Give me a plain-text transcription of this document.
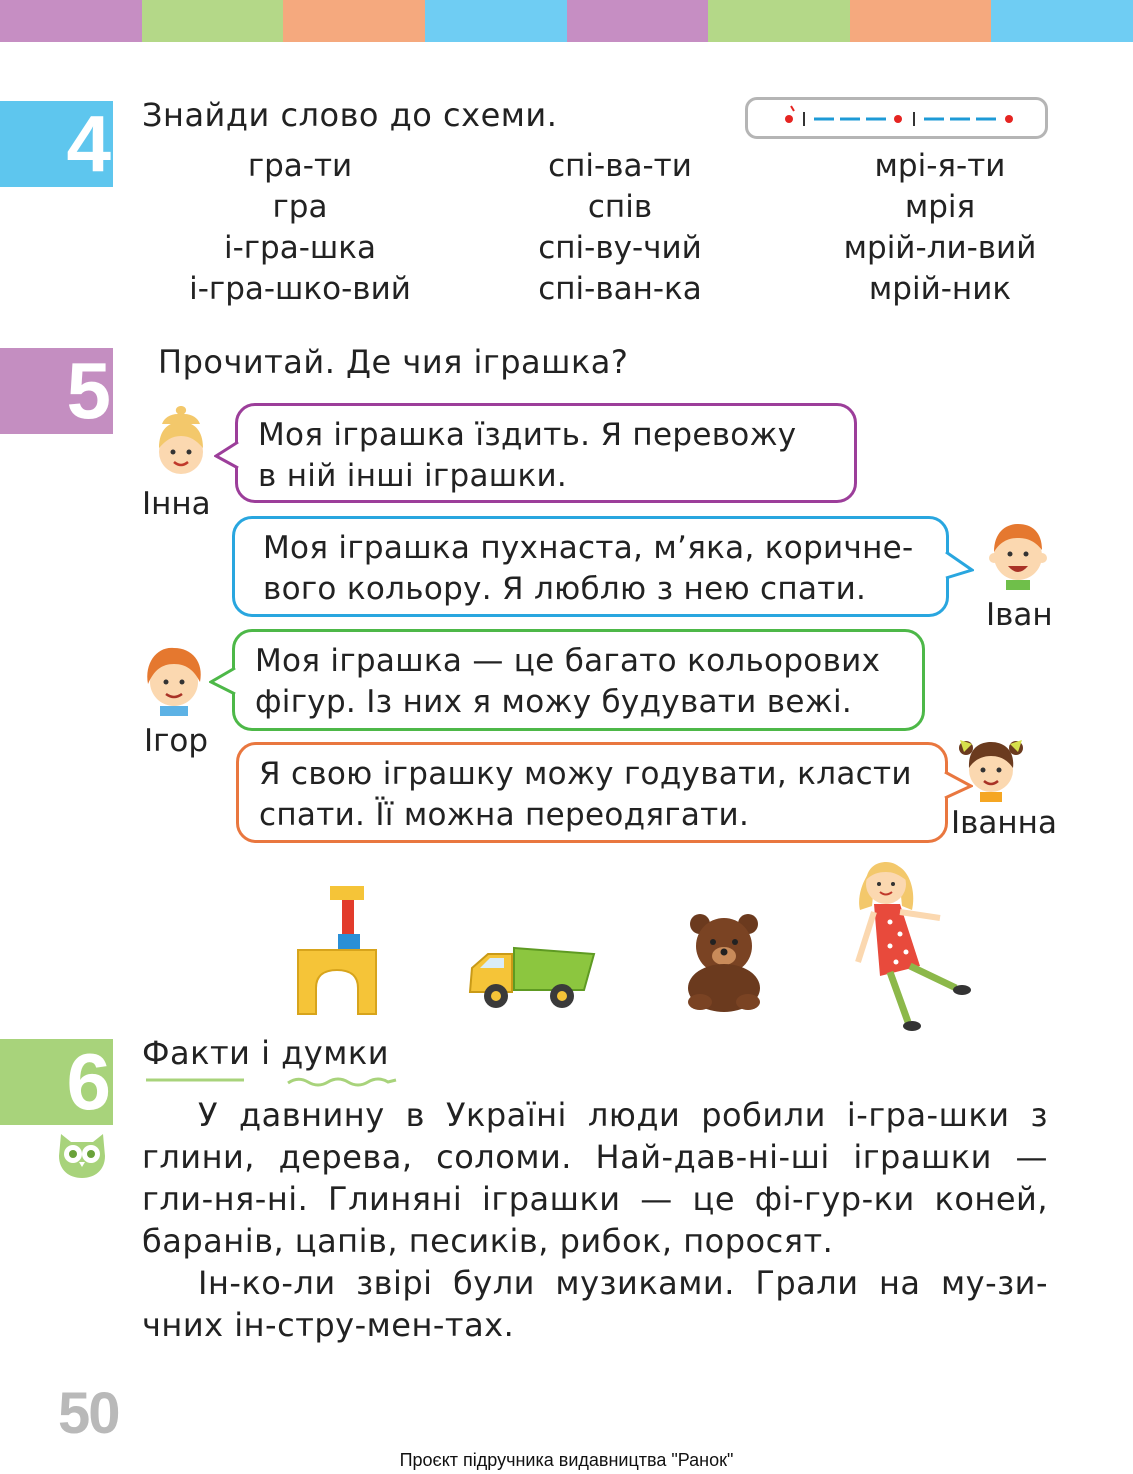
4 Знайди слово до схеми.
гра-ти
гра
і-гра-шка
і-гра-шко-вий
спі-ва-ти
спів
спі-ву-чий
спі-ван-ка
мрі-я-ти
мрія
мрій-ли-вий
мрій-ник
5 Прочитай. Де чия іграшка?
Інна
Моя іграшка їздить. Я перевожу
в ній інші іграшки.
Іван
Моя іграшка пухнаста, м’яка, коричне-
вого кольору. Я люблю з нею спати.
Ігор
Моя іграшка — це багато кольорових
фігур. Із них я можу будувати вежі.
Іванна
Я свою іграшку можу годувати, класти
спати. Її можна переодягати.
6 Факти і думки

У давнину в Україні люди робили і-гра-шки з глини, дерева, соломи. Най-дав-ні-ші іграшки — гли-ня-ні. Глиняні іграшки — це фі-гур-ки коней, баранів, цапів, песиків, рибок, поросят.

Ін-ко-ли звірі були музиками. Грали на му-зи-чних ін-стру-мен-тах.

50
Проєкт підручника видавництва "Ранок"
